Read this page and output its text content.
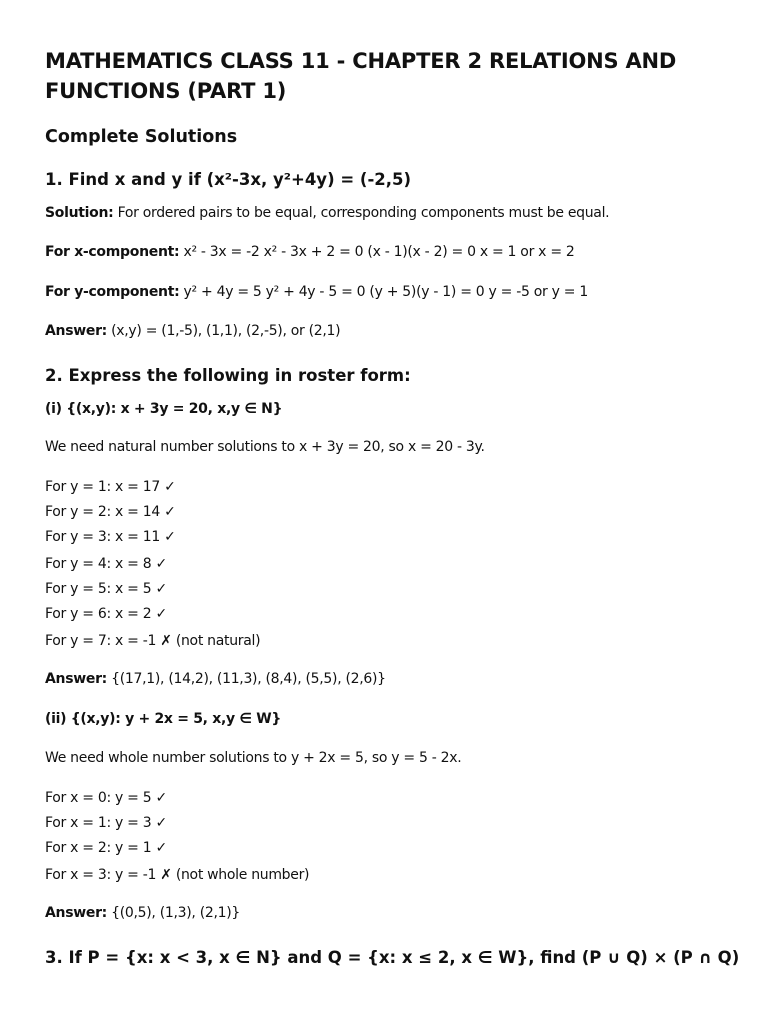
MATHEMATICS CLASS 11 - CHAPTER 2 RELATIONS AND FUNCTIONS (PART 1)
Complete Solutions
1. Find x and y if (x²-3x, y²+4y) = (-2,5)

Solution: For ordered pairs to be equal, corresponding components must be equal.

For x-component: x² - 3x = -2 x² - 3x + 2 = 0 (x - 1)(x - 2) = 0 x = 1 or x = 2

For y-component: y² + 4y = 5 y² + 4y - 5 = 0 (y + 5)(y - 1) = 0 y = -5 or y = 1

Answer: (x,y) = (1,-5), (1,1), (2,-5), or (2,1)

2. Express the following in roster form:

(i) {(x,y): x + 3y = 20, x,y ∈ N}

We need natural number solutions to x + 3y = 20, so x = 20 - 3y.

For y = 1: x = 17 ✓

For y = 2: x = 14 ✓

For y = 3: x = 11 ✓

For y = 4: x = 8 ✓

For y = 5: x = 5 ✓

For y = 6: x = 2 ✓

For y = 7: x = -1 ✗ (not natural)

Answer: {(17,1), (14,2), (11,3), (8,4), (5,5), (2,6)}

(ii) {(x,y): y + 2x = 5, x,y ∈ W}

We need whole number solutions to y + 2x = 5, so y = 5 - 2x.

For x = 0: y = 5 ✓

For x = 1: y = 3 ✓

For x = 2: y = 1 ✓

For x = 3: y = -1 ✗ (not whole number)

Answer: {(0,5), (1,3), (2,1)}

3. If P = {x: x < 3, x ∈ N} and Q = {x: x ≤ 2, x ∈ W}, find (P ∪ Q) × (P ∩ Q)
